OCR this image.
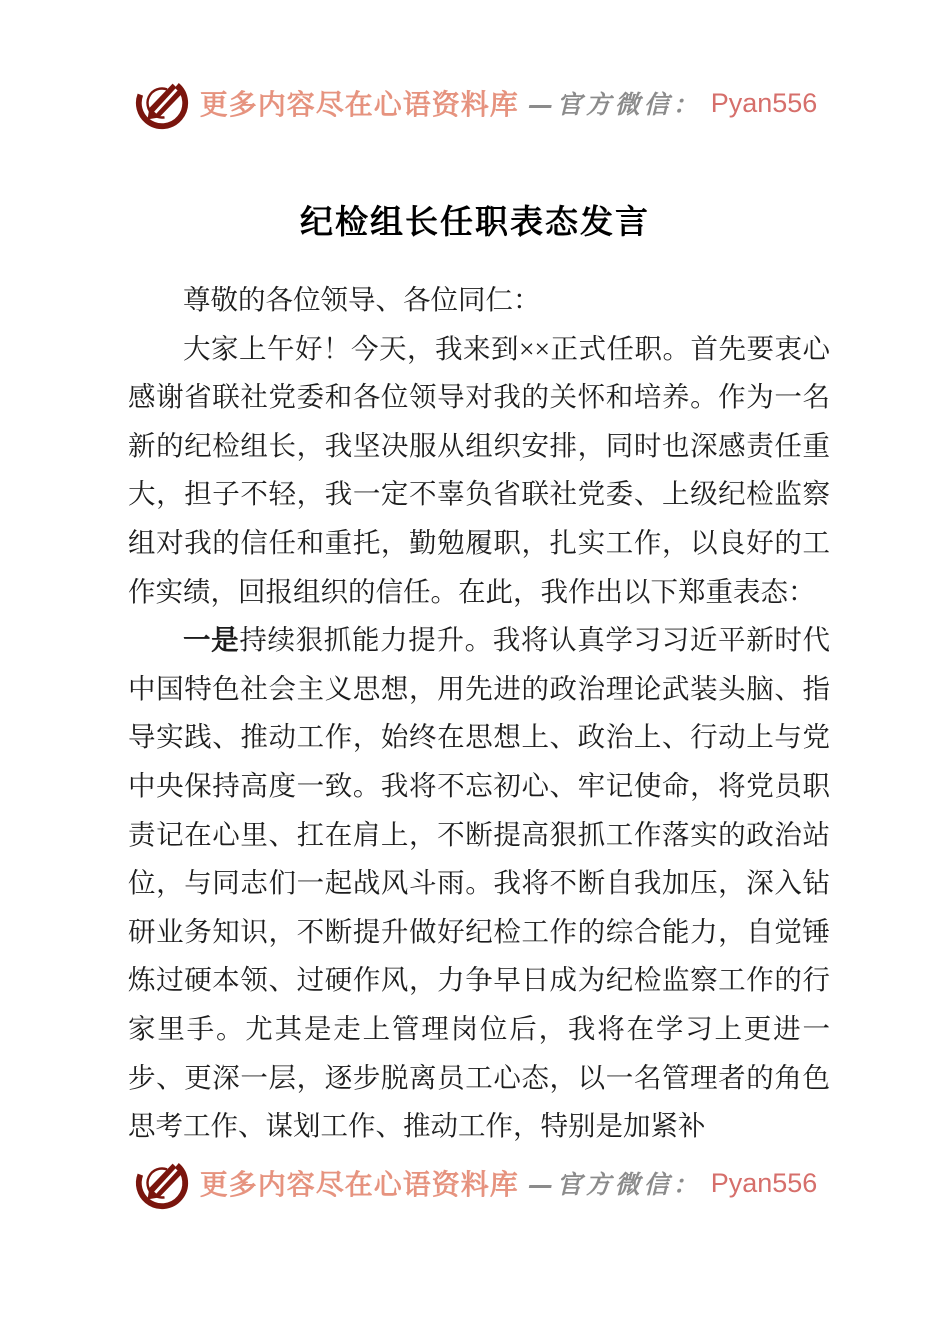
更多内容尽在心语资料库 —官方微信： Pyan556
纪检组长任职表态发言

尊敬的各位领导、各位同仁：

大家上午好！今天，我来到××正式任职。首先要衷心感谢省联社党委和各位领导对我的关怀和培养。作为一名新的纪检组长，我坚决服从组织安排，同时也深感责任重大，担子不轻，我一定不辜负省联社党委、上级纪检监察组对我的信任和重托，勤勉履职，扎实工作，以良好的工作实绩，回报组织的信任。在此，我作出以下郑重表态：

一是持续狠抓能力提升。我将认真学习习近平新时代中国特色社会主义思想，用先进的政治理论武装头脑、指导实践、推动工作，始终在思想上、政治上、行动上与党中央保持高度一致。我将不忘初心、牢记使命，将党员职责记在心里、扛在肩上，不断提高狠抓工作落实的政治站位，与同志们一起战风斗雨。我将不断自我加压，深入钻研业务知识，不断提升做好纪检工作的综合能力，自觉锤炼过硬本领、过硬作风，力争早日成为纪检监察工作的行家里手。尤其是走上管理岗位后，我将在学习上更进一步、更深一层，逐步脱离员工心态，以一名管理者的角色思考工作、谋划工作、推动工作，特别是加紧补

更多内容尽在心语资料库 —官方微信： Pyan556
